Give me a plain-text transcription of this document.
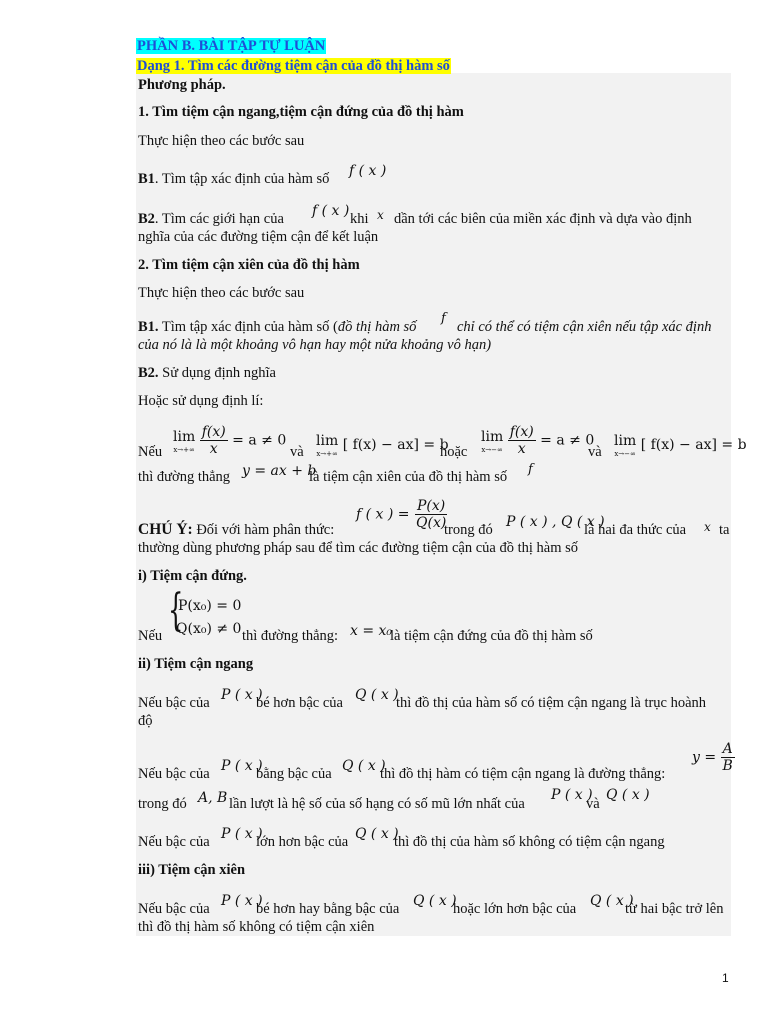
PHẦN B. BÀI TẬP TỰ LUẬN
Dạng 1. Tìm các đường tiệm cận của đồ thị hàm số
Phương pháp.
1. Tìm tiệm cận ngang,tiệm cận đứng của đồ thị hàm
Thực hiện theo các bước sau
B1. Tìm tập xác định của hàm số f ( x )
B2. Tìm các giới hạn của f ( x ) khi x dần tới các biên của miền xác định và dựa vào định
nghĩa của các đường tiệm cận để kết luận
2. Tìm tiệm cận xiên của đồ thị hàm
Thực hiện theo các bước sau
B1. Tìm tập xác định của hàm số (đồ thị hàm số
f
chỉ có thể có tiệm cận xiên nếu tập xác định
của nó là là một khoảng vô hạn hay một nửa khoảng vô hạn)
B2. Sử dụng định nghĩa
Hoặc sử dụng định lí:
Nếu
lim
x→+∞
$\frac{f(x)}{x} = a \ne 0$
và
lim
x→+∞
[ f(x) − ax] = b
hoặc
lim
x→−∞
$\frac{f(x)}{x} = a \ne 0$
và
lim
x→−∞
[ f(x) − ax] = b
thì đường thẳng y = ax + b
là tiệm cận xiên của đồ thị hàm số f
CHÚ Ý: Đối với hàm phân thức:
f ( x ) = $\frac{P(x)}{Q(x)}$
trong đó P ( x ) , Q ( x )
là hai đa thức của x ta
thường dùng phương pháp sau để tìm các đường tiệm cận của đồ thị hàm số
i) Tiệm cận đứng.
{
P(x₀) = 0
Q(x₀) ≠ 0
Nếu	thì đường thẳng: x = x₀
là tiệm cận đứng của đồ thị hàm số
ii) Tiệm cận ngang
Nếu bậc của P ( x )
bé hơn bậc của Q ( x )
thì đồ thị của hàm số có tiệm cận ngang là trục hoành
độ
Nếu bậc của P ( x )
bằng bậc của Q ( x )
thì đồ thị hàm có tiệm cận ngang là đường thẳng:
$y = \frac{A}{B}$
trong đó A, B lần lượt là hệ số của số hạng có số mũ lớn nhất của
P ( x )
và
Q ( x )
Nếu bậc của P ( x )
lớn hơn bậc của Q ( x )
thì đồ thị của hàm số không có tiệm cận ngang
iii) Tiệm cận xiên
Nếu bậc của P ( x )
bé hơn hay bằng bậc của Q ( x )
hoặc lớn hơn bậc của Q ( x )
từ hai bậc trở lên
thì đồ thị hàm số không có tiệm cận xiên
1
